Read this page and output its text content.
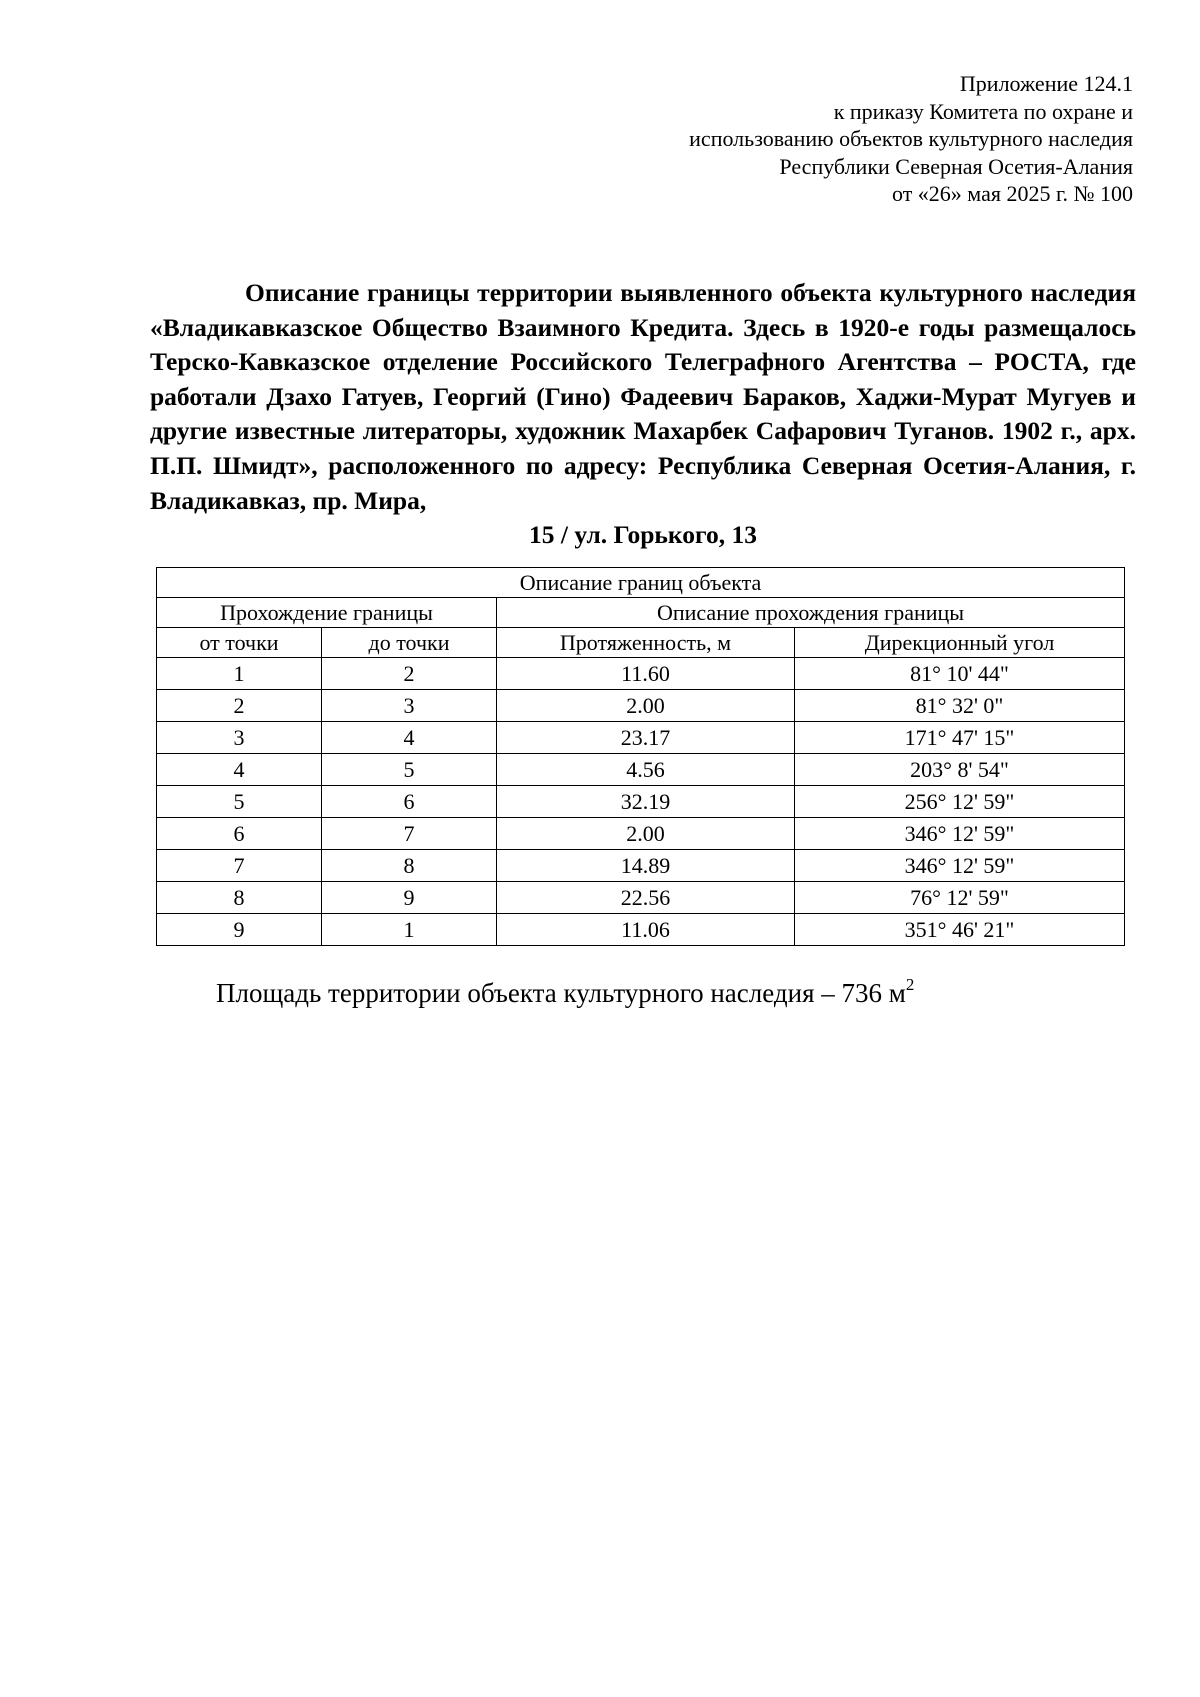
Приложение 124.1
к приказу Комитета по охране и
использованию объектов культурного наследия
Республики Северная Осетия-Алания
от «26» мая 2025 г. № 100
Описание границы территории выявленного объекта культурного наследия «Владикавказское Общество Взаимного Кредита. Здесь в 1920-е годы размещалось Терско-Кавказское отделение Российского Телеграфного Агентства – РОСТА, где работали Дзахо Гатуев, Георгий (Гино) Фадеевич Бараков, Хаджи-Мурат Мугуев и другие известные литераторы, художник Махарбек Сафарович Туганов. 1902 г., арх. П.П. Шмидт», расположенного по адресу: Республика Северная Осетия-Алания, г. Владикавказ, пр. Мира,
15 / ул. Горького, 13
Описание границ объекта			
Прохождение границы		Описание прохождения границы	
от точки	до точки	Протяженность, м	Дирекционный угол
1	2	11.60	81° 10' 44"
2	3	2.00	81° 32' 0"
3	4	23.17	171° 47' 15"
4	5	4.56	203° 8' 54"
5	6	32.19	256° 12' 59"
6	7	2.00	346° 12' 59"
7	8	14.89	346° 12' 59"
8	9	22.56	76° 12' 59"
9	1	11.06	351° 46' 21"
Площадь территории объекта культурного наследия – 736 $м^2$
